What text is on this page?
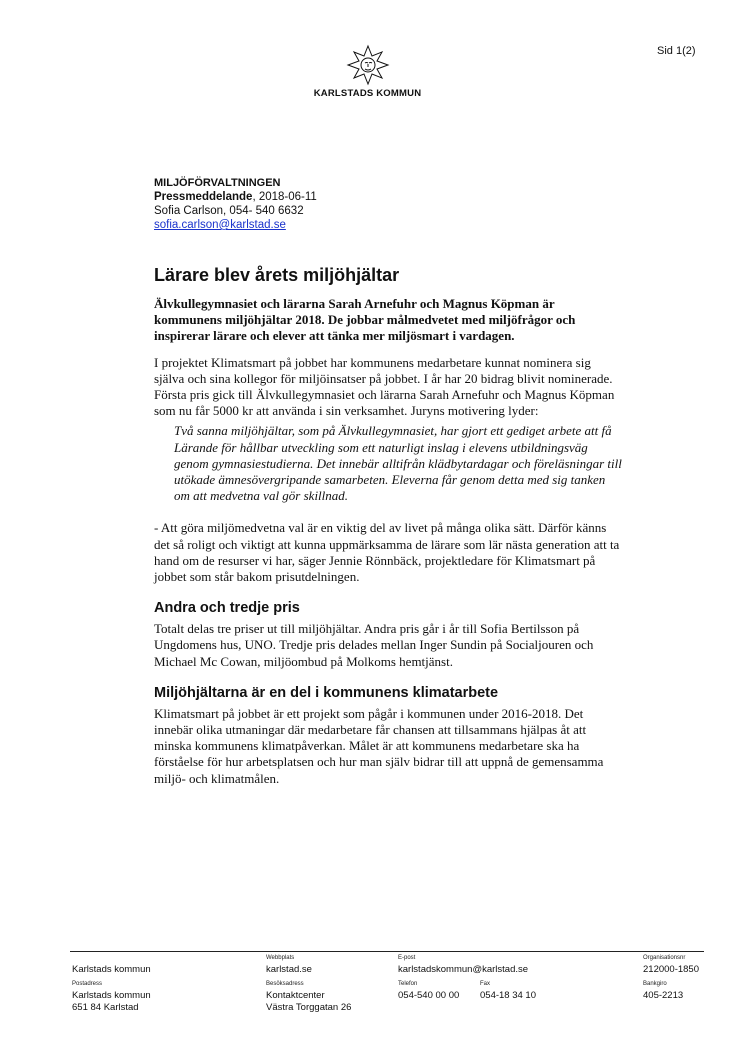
Sid 1(2)
KARLSTADS KOMMUN
MILJÖFÖRVALTNINGEN
Pressmeddelande, 2018-06-11
Sofia Carlson, 054- 540 6632
sofia.carlson@karlstad.se
Lärare blev årets miljöhjältar

Älvkullegymnasiet och lärarna Sarah Arnefuhr och Magnus Köpman är kommunens miljöhjältar 2018. De jobbar målmedvetet med miljöfrågor och inspirerar lärare och elever att tänka mer miljösmart i vardagen.

I projektet Klimatsmart på jobbet har kommunens medarbetare kunnat nominera sig själva och sina kollegor för miljöinsatser på jobbet. I år har 20 bidrag blivit nominerade. Första pris gick till Älvkullegymnasiet och lärarna Sarah Arnefuhr och Magnus Köpman som nu får 5000 kr att använda i sin verksamhet. Juryns motivering lyder:

Två sanna miljöhjältar, som på Älvkullegymnasiet, har gjort ett gediget arbete att få Lärande för hållbar utveckling som ett naturligt inslag i elevens utbildningsväg genom gymnasiestudierna. Det innebär alltifrån klädbytardagar och föreläsningar till utökade ämnesövergripande samarbeten. Eleverna får genom detta med sig tanken om att medvetna val gör skillnad.

- Att göra miljömedvetna val är en viktig del av livet på många olika sätt. Därför känns det så roligt och viktigt att kunna uppmärksamma de lärare som lär nästa generation att ta hand om de resurser vi har, säger Jennie Rönnbäck, projektledare för Klimatsmart på jobbet som står bakom prisutdelningen.

Andra och tredje pris

Totalt delas tre priser ut till miljöhjältar. Andra pris går i år till Sofia Bertilsson på Ungdomens hus, UNO. Tredje pris delades mellan Inger Sundin på Socialjouren och Michael Mc Cowan, miljöombud på Molkoms hemtjänst.

Miljöhjältarna är en del i kommunens klimatarbete

Klimatsmart på jobbet är ett projekt som pågår i kommunen under 2016-2018. Det innebär olika utmaningar där medarbetare får chansen att tillsammans hjälpas åt att minska kommunens klimatpåverkan. Målet är att kommunens medarbetare ska ha förståelse för hur arbetsplatsen och hur man själv bidrar till att uppnå de gemensamma miljö- och klimatmålen.

Karlstads kommun
Webbplats
karlstad.se
E-post
karlstadskommun@karlstad.se
Organisationsnr
212000-1850
Postadress
Karlstads kommun
651 84 Karlstad
Besöksadress
Kontaktcenter
Västra Torggatan 26
Telefon
054-540 00 00
Fax
054-18 34 10
Bankgiro
405-2213
